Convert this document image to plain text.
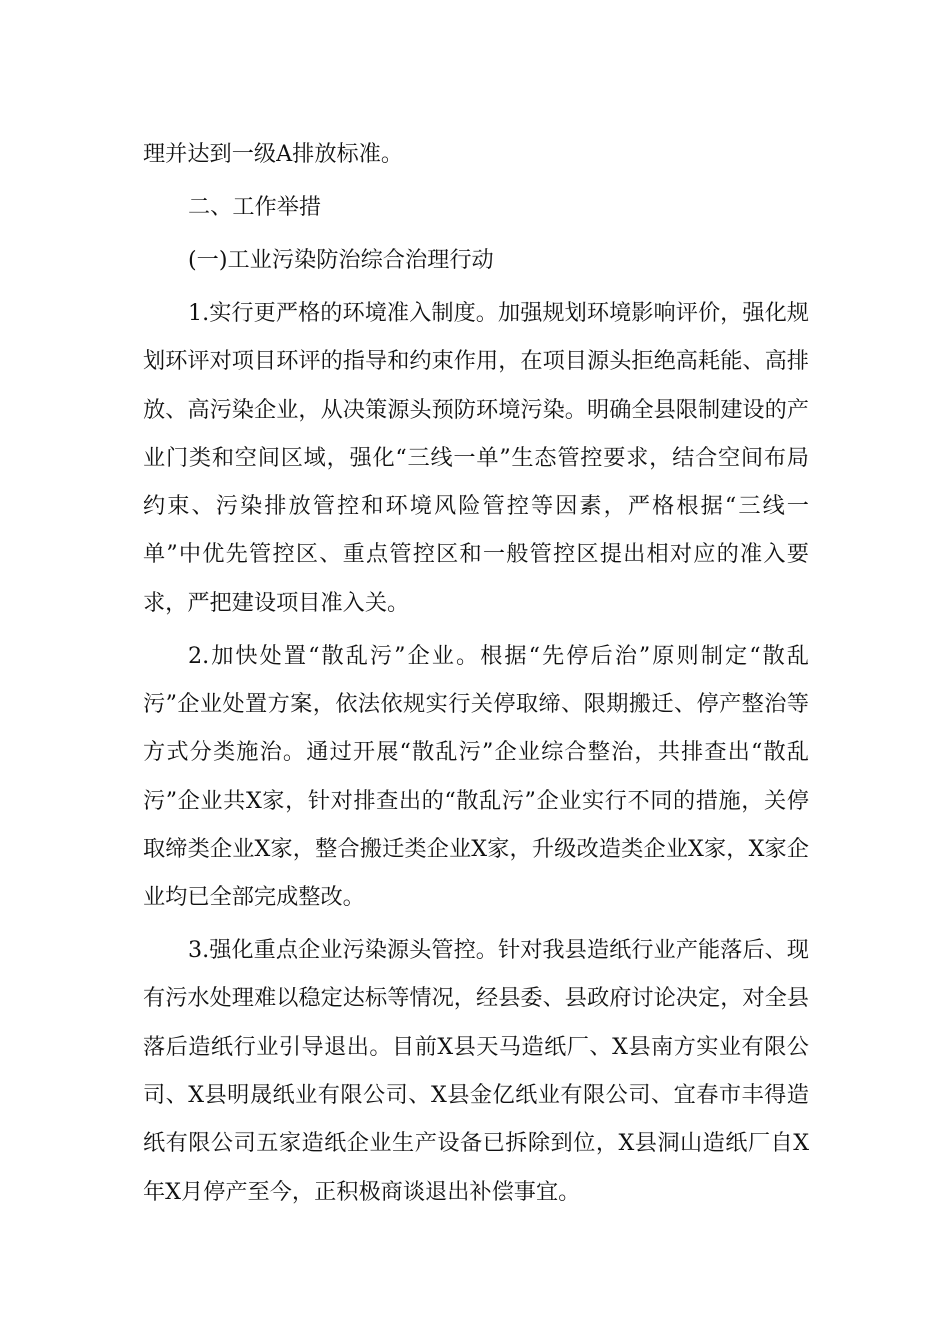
理并达到一级A排放标准。

二、工作举措

(一)工业污染防治综合治理行动

1.实行更严格的环境准入制度。加强规划环境影响评价，强化规划环评对项目环评的指导和约束作用，在项目源头拒绝高耗能、高排放、高污染企业，从决策源头预防环境污染。明确全县限制建设的产业门类和空间区域，强化“三线一单”生态管控要求，结合空间布局约束、污染排放管控和环境风险管控等因素，严格根据“三线一单”中优先管控区、重点管控区和一般管控区提出相对应的准入要求，严把建设项目准入关。

2.加快处置“散乱污”企业。根据“先停后治”原则制定“散乱污”企业处置方案，依法依规实行关停取缔、限期搬迁、停产整治等方式分类施治。通过开展“散乱污”企业综合整治，共排查出“散乱污”企业共X家，针对排查出的“散乱污”企业实行不同的措施，关停取缔类企业X家，整合搬迁类企业X家，升级改造类企业X家，X家企业均已全部完成整改。

3.强化重点企业污染源头管控。针对我县造纸行业产能落后、现有污水处理难以稳定达标等情况，经县委、县政府讨论决定，对全县落后造纸行业引导退出。目前X县天马造纸厂、X县南方实业有限公司、X县明晟纸业有限公司、X县金亿纸业有限公司、宜春市丰得造纸有限公司五家造纸企业生产设备已拆除到位，X县洞山造纸厂自X年X月停产至今，正积极商谈退出补偿事宜。
